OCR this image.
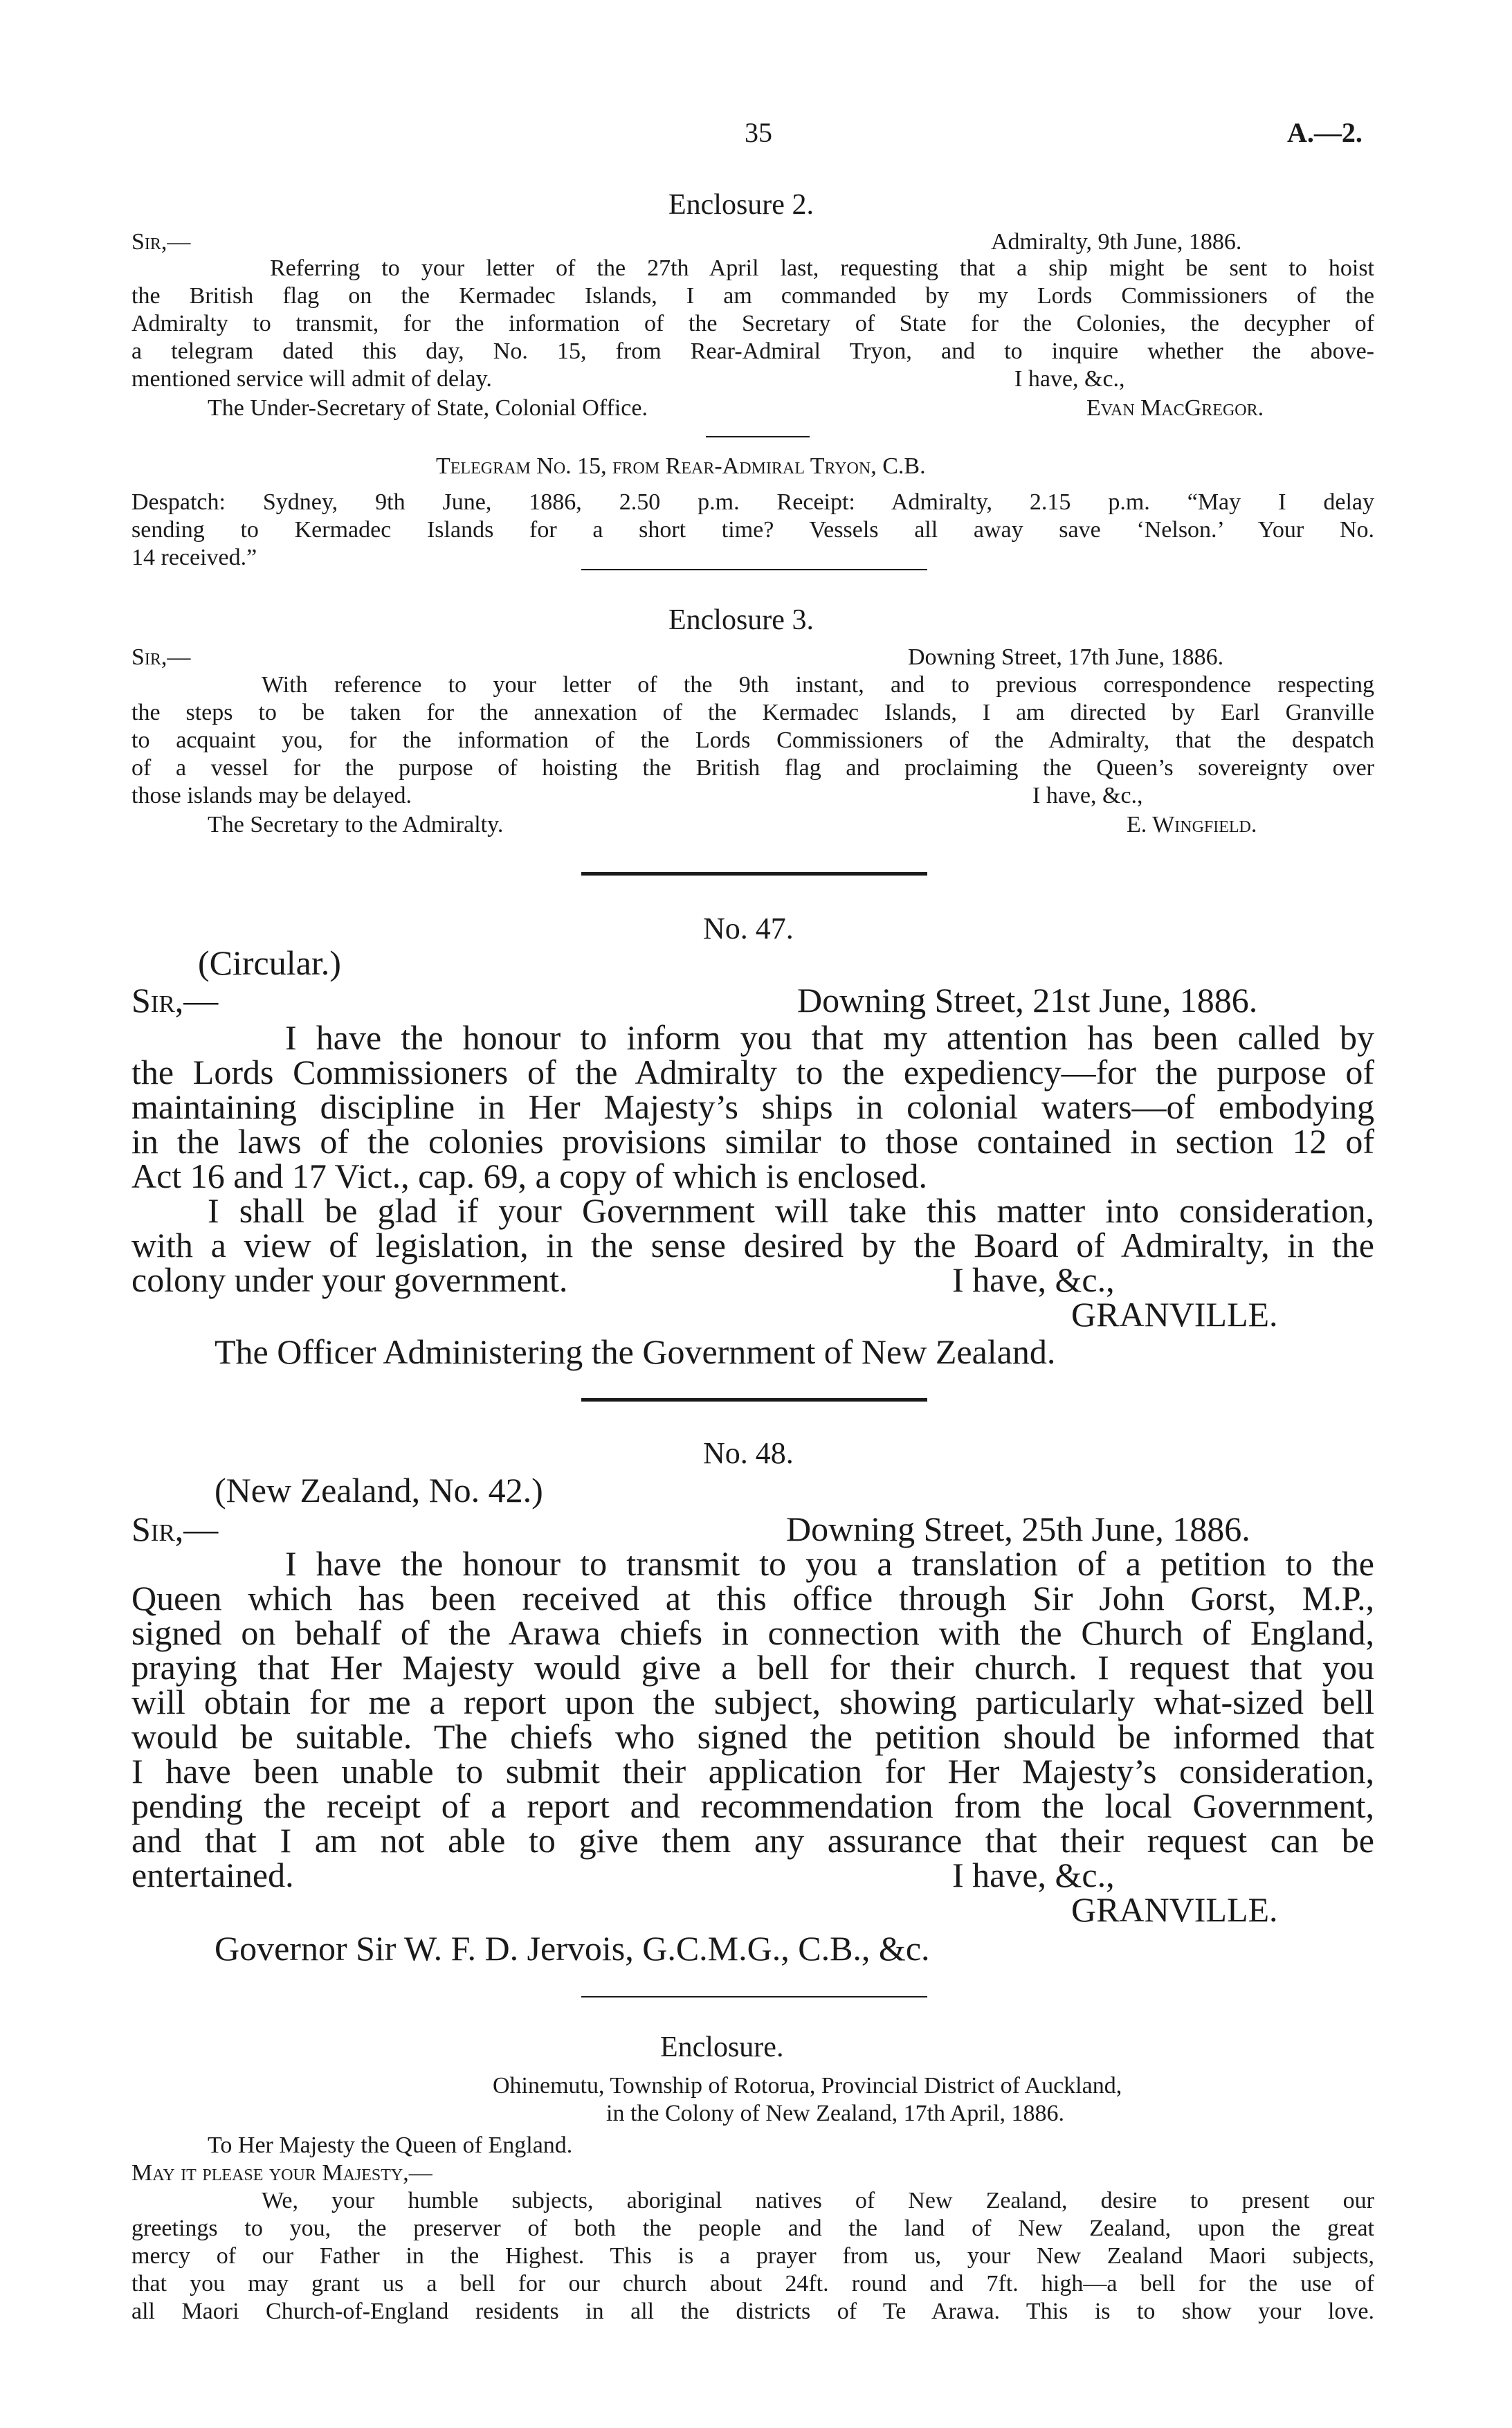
35	A.—2.
Enclosure 2.
Sir,—	Admiralty, 9th June, 1886.
Referring to your letter of the 27th April last, requesting that a ship might be sent to hoist
the British flag on the Kermadec Islands, I am commanded by my Lords Commissioners of the
Admiralty to transmit, for the information of the Secretary of State for the Colonies, the decypher of
a telegram dated this day, No. 15, from Rear-Admiral Tryon, and to inquire whether the above-
mentioned service will admit of delay.	I have, &c.,
The Under-Secretary of State, Colonial Office.	Evan MacGregor.
Telegram No. 15, from Rear-Admiral Tryon, C.B.
Despatch: Sydney, 9th June, 1886, 2.50 p.m. Receipt: Admiralty, 2.15 p.m. “May I delay
sending to Kermadec Islands for a short time? Vessels all away save ‘Nelson.’ Your No.
14 received.”
Enclosure 3.
Sir,—	Downing Street, 17th June, 1886.
With reference to your letter of the 9th instant, and to previous correspondence respecting
the steps to be taken for the annexation of the Kermadec Islands, I am directed by Earl Granville
to acquaint you, for the information of the Lords Commissioners of the Admiralty, that the despatch
of a vessel for the purpose of hoisting the British flag and proclaiming the Queen’s sovereignty over
those islands may be delayed.	I have, &c.,
The Secretary to the Admiralty.	E. Wingfield.
No. 47.
(Circular.)
Sir,—	Downing Street, 21st June, 1886.
I have the honour to inform you that my attention has been called by
the Lords Commissioners of the Admiralty to the expediency—for the purpose of
maintaining discipline in Her Majesty’s ships in colonial waters—of embodying
in the laws of the colonies provisions similar to those contained in section 12 of
Act 16 and 17 Vict., cap. 69, a copy of which is enclosed.
I shall be glad if your Government will take this matter into consideration,
with a view of legislation, in the sense desired by the Board of Admiralty, in the
colony under your government.	I have, &c.,
GRANVILLE.
The Officer Administering the Government of New Zealand.
No. 48.
(New Zealand, No. 42.)
Sir,—	Downing Street, 25th June, 1886.
I have the honour to transmit to you a translation of a petition to the
Queen which has been received at this office through Sir John Gorst, M.P.,
signed on behalf of the Arawa chiefs in connection with the Church of England,
praying that Her Majesty would give a bell for their church. I request that you
will obtain for me a report upon the subject, showing particularly what-sized bell
would be suitable. The chiefs who signed the petition should be informed that
I have been unable to submit their application for Her Majesty’s consideration,
pending the receipt of a report and recommendation from the local Government,
and that I am not able to give them any assurance that their request can be
entertained.	I have, &c.,
GRANVILLE.
Governor Sir W. F. D. Jervois, G.C.M.G., C.B., &c.
Enclosure.
Ohinemutu, Township of Rotorua, Provincial District of Auckland,
in the Colony of New Zealand, 17th April, 1886.
To Her Majesty the Queen of England.
May it please your Majesty,—
We, your humble subjects, aboriginal natives of New Zealand, desire to present our
greetings to you, the preserver of both the people and the land of New Zealand, upon the great
mercy of our Father in the Highest. This is a prayer from us, your New Zealand Maori subjects,
that you may grant us a bell for our church about 24ft. round and 7ft. high—a bell for the use of
all Maori Church-of-England residents in all the districts of Te Arawa. This is to show your love.
